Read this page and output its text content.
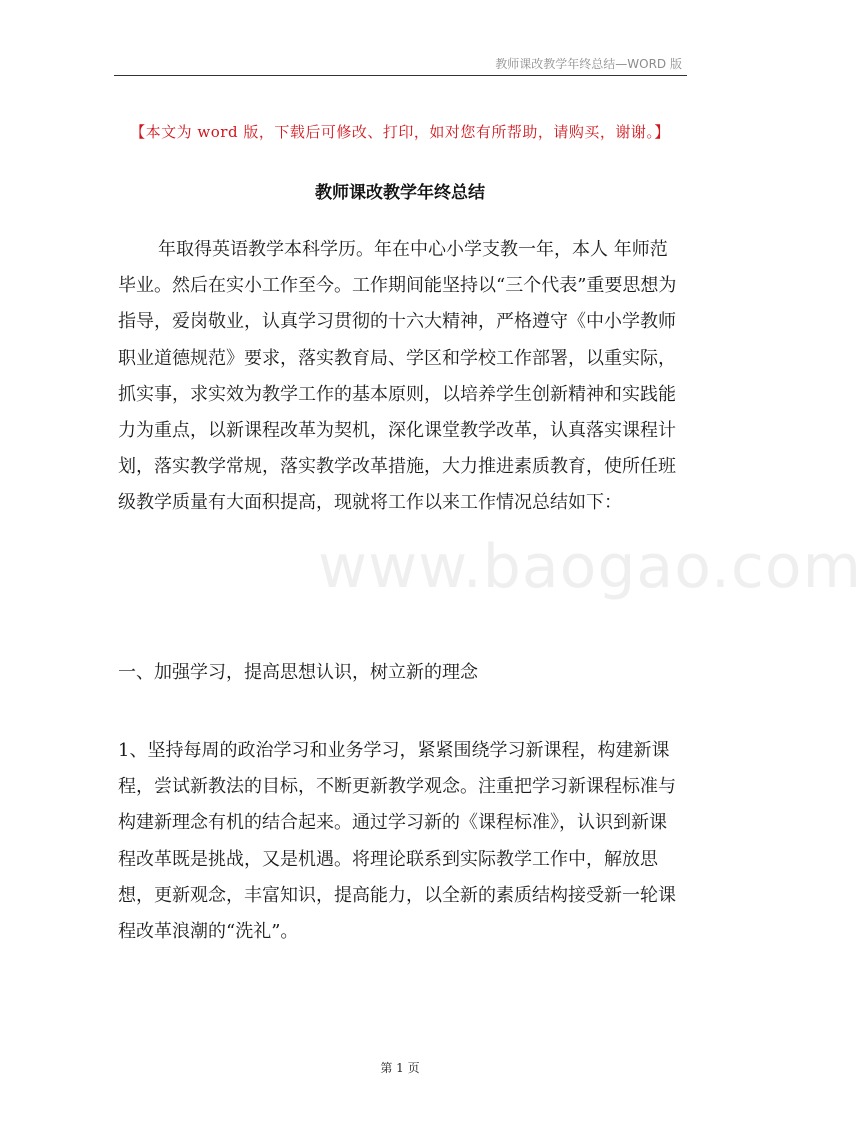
教师课改教学年终总结—WORD 版
【本文为 word 版，下载后可修改、打印，如对您有所帮助，请购买，谢谢。】
教师课改教学年终总结

年取得英语教学本科学历。年在中心小学支教一年，本人 年师范毕业。然后在实小工作至今。工作期间能坚持以“三个代表”重要思想为指导，爱岗敬业，认真学习贯彻的十六大精神，严格遵守《中小学教师职业道德规范》要求，落实教育局、学区和学校工作部署，以重实际，抓实事，求实效为教学工作的基本原则，以培养学生创新精神和实践能力为重点，以新课程改革为契机，深化课堂教学改革，认真落实课程计划，落实教学常规，落实教学改革措施，大力推进素质教育，使所任班级教学质量有大面积提高，现就将工作以来工作情况总结如下：

一、加强学习，提高思想认识，树立新的理念

1、坚持每周的政治学习和业务学习，紧紧围绕学习新课程，构建新课程，尝试新教法的目标，不断更新教学观念。注重把学习新课程标准与构建新理念有机的结合起来。通过学习新的《课程标准》，认识到新课程改革既是挑战，又是机遇。将理论联系到实际教学工作中，解放思想，更新观念，丰富知识，提高能力，以全新的素质结构接受新一轮课程改革浪潮的“洗礼”。

www.baogao.com
第 1 页
